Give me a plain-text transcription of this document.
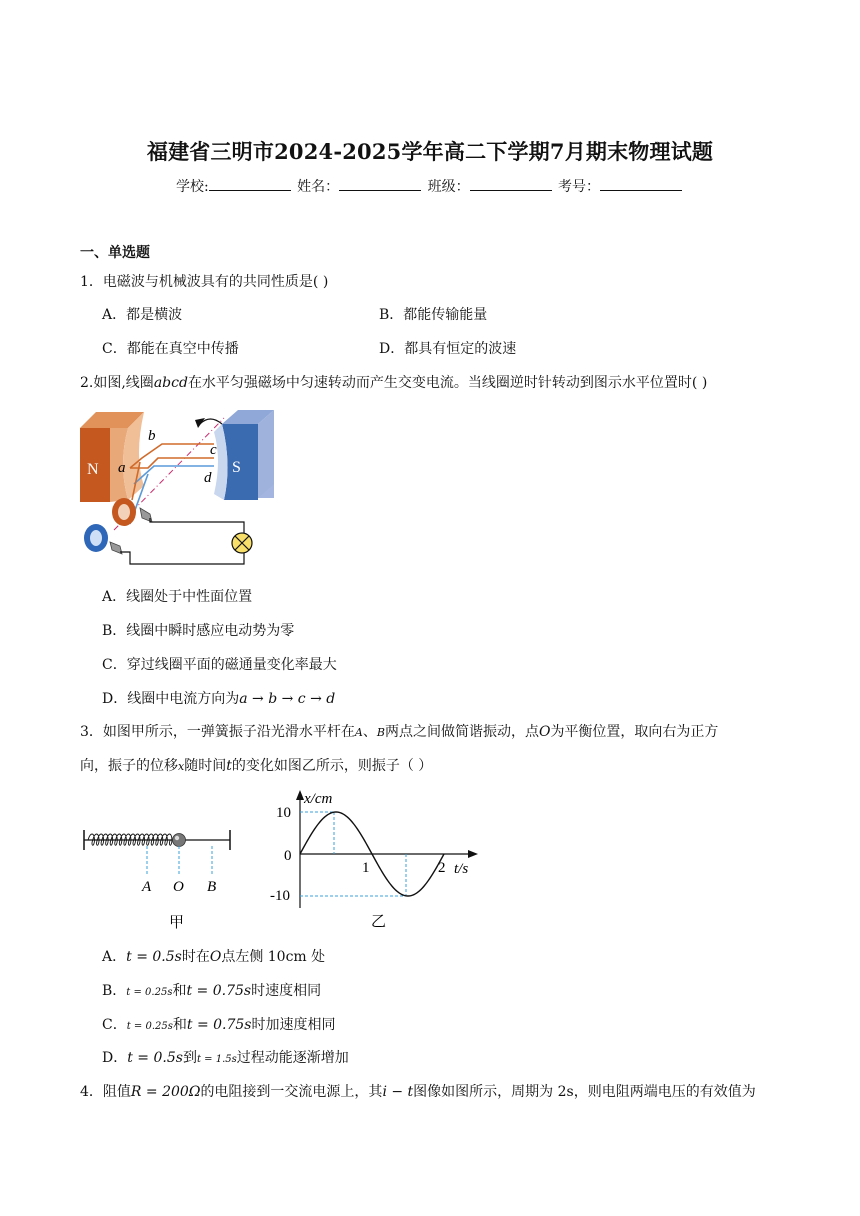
福建省三明市2024-2025学年高二下学期7月期末物理试题
学校:	姓名：	班级：	考号：
一、单选题
1．电磁波与机械波具有的共同性质是( )
A．都是横波	B．都能传输能量
C．都能在真空中传播	D．都具有恒定的波速
2.如图,线圈abcd在水平匀强磁场中匀速转动而产生交变电流。当线圈逆时针转动到图示水平位置时( )
N	S
b
a
c
d
A．线圈处于中性面位置
B．线圈中瞬时感应电动势为零
C．穿过线圈平面的磁通量变化率最大
D．线圈中电流方向为a → b → c → d
3．如图甲所示，一弹簧振子沿光滑水平杆在A、B两点之间做简谐振动，点O为平衡位置，取向右为正方
向，振子的位移x随时间t的变化如图乙所示，则振子（ ）
A O B
甲
x/cm
t/s
10
0
-10
1	2
乙
A．t = 0.5s时在O点左侧 10cm 处
B．t = 0.25s和t = 0.75s时速度相同
C．t = 0.25s和t = 0.75s时加速度相同
D．t = 0.5s到t = 1.5s过程动能逐渐增加
4．阻值R = 200Ω的电阻接到一交流电源上，其i − t图像如图所示，周期为 2s，则电阻两端电压的有效值为
